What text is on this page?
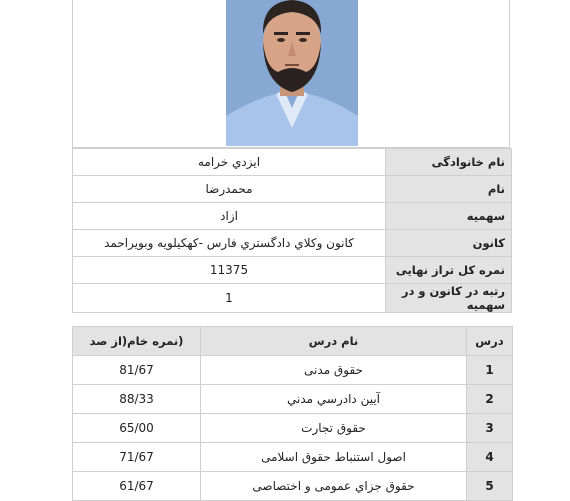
نام خانوادگی	ايزدي خرامه
نام	محمدرضا
سهمیه	ازاد
کانون	كانون وكلاي دادگستري فارس -کهکیلویه وبویراحمد
نمره کل تراز نهایی	11375
رتبه در کانون و در سهمیه	1
درس	نام درس	(نمره خام(از صد
1	حقوق مدنی	81/67
2	آيين دادرسي مدني	88/33
3	حقوق تجارت	65/00
4	اصول استنباط حقوق اسلامی	71/67
5	حقوق جزاي عمومی و اختصاصی	61/67
